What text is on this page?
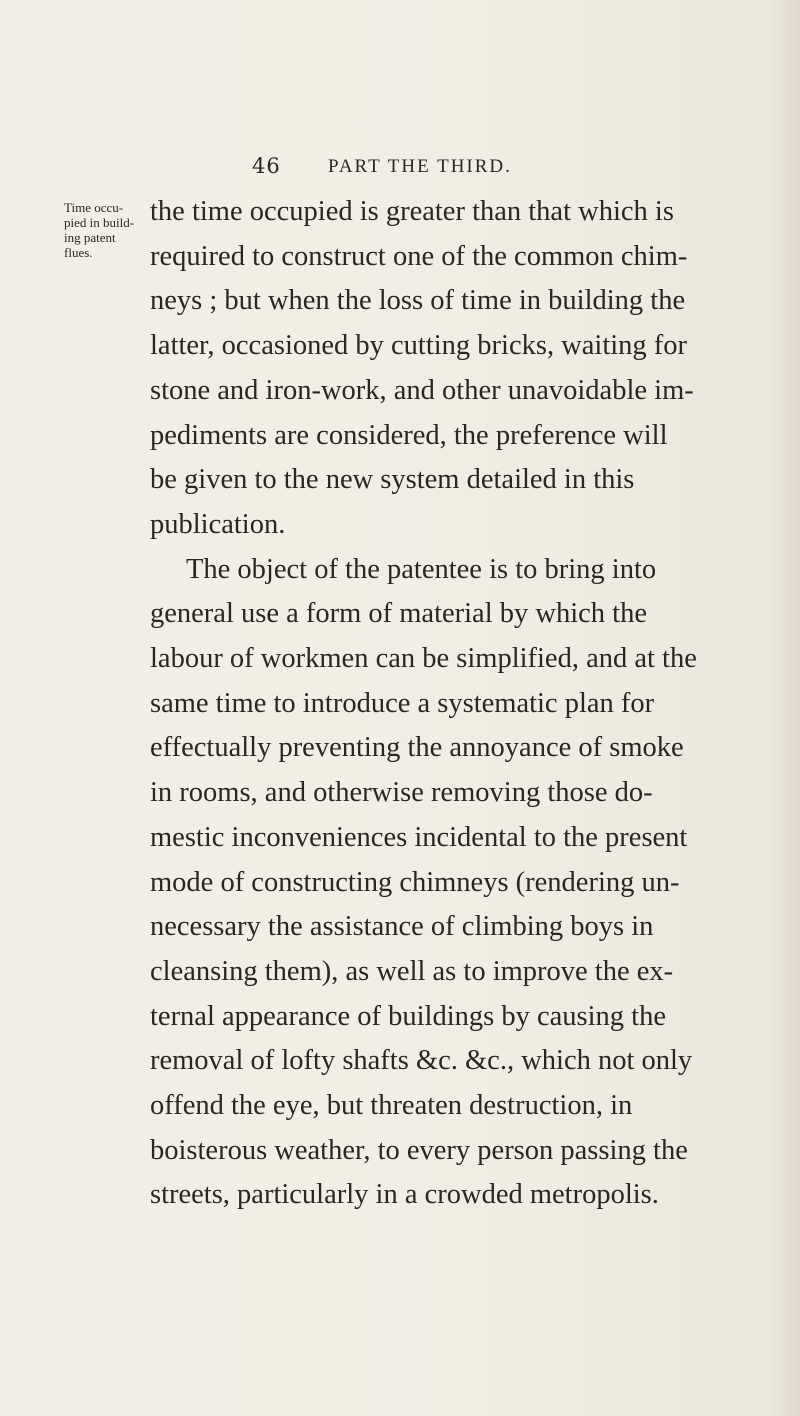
46 PART THE THIRD.
Time occu-
pied in build-
ing patent
flues.
the time occupied is greater than that which is
required to construct one of the common chim-
neys ; but when the loss of time in building the
latter, occasioned by cutting bricks, waiting for
stone and iron-work, and other unavoidable im-
pediments are considered, the preference will
be given to the new system detailed in this
publication.
The object of the patentee is to bring into
general use a form of material by which the
labour of workmen can be simplified, and at the
same time to introduce a systematic plan for
effectually preventing the annoyance of smoke
in rooms, and otherwise removing those do-
mestic inconveniences incidental to the present
mode of constructing chimneys (rendering un-
necessary the assistance of climbing boys in
cleansing them), as well as to improve the ex-
ternal appearance of buildings by causing the
removal of lofty shafts &c. &c., which not only
offend the eye, but threaten destruction, in
boisterous weather, to every person passing the
streets, particularly in a crowded metropolis.
